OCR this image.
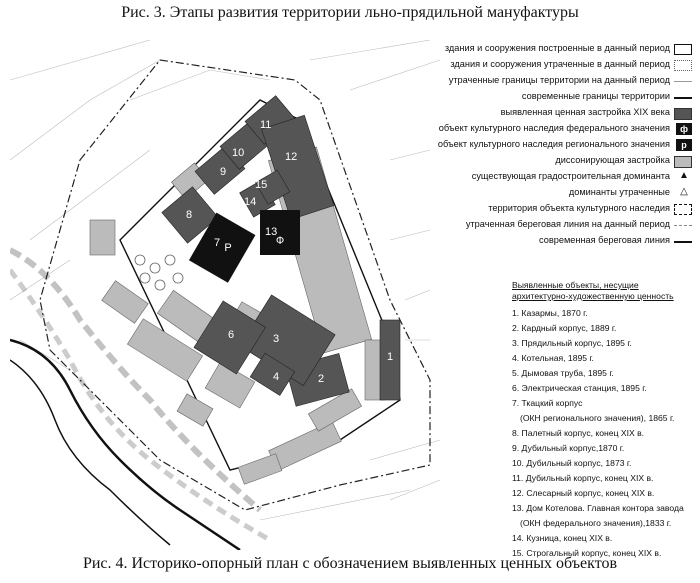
Рис. 3. Этапы развития территории льно-прядильной мануфактуры
Ф
Р
1
2
3
4
6
7
8
9
10
11
12
13
14
15
здания и сооружения построенные в данный период
здания и сооружения утраченные в данный период
утраченные границы территории на данный период
современные границы территории
выявленная ценная застройка XIX века
объект культурного наследия федерального значения	ф
объект культурного наследия регионального значения	р
диссонирующая застройка
существующая градостроительная доминанта ▲
доминанты утраченные	△
территория объекта культурного наследия
утраченная береговая линия на данный период
современная береговая линия
Выявленные объекты, несущие
архитектурно-художественную ценность
1. Казармы, 1870 г.
2. Кардный корпус, 1889 г.
3. Прядильный корпус, 1895 г.
4. Котельная, 1895 г.
5. Дымовая труба, 1895 г.
6. Электрическая станция, 1895 г.
7. Ткацкий корпус
(ОКН регионального значения), 1865 г.
8. Палетный корпус, конец XIX в.
9. Дубильный корпус,1870 г.
10. Дубильный корпус, 1873 г.
11. Дубильный корпус, конец XIX в.
12. Слесарный корпус, конец XIX в.
13. Дом Котелова. Главная контора завода
(ОКН федерального значения),1833 г.
14. Кузница, конец XIX в.
15. Строгальный корпус, конец XIX в.
Рис. 4. Историко-опорный план с обозначением выявленных ценных объектов
